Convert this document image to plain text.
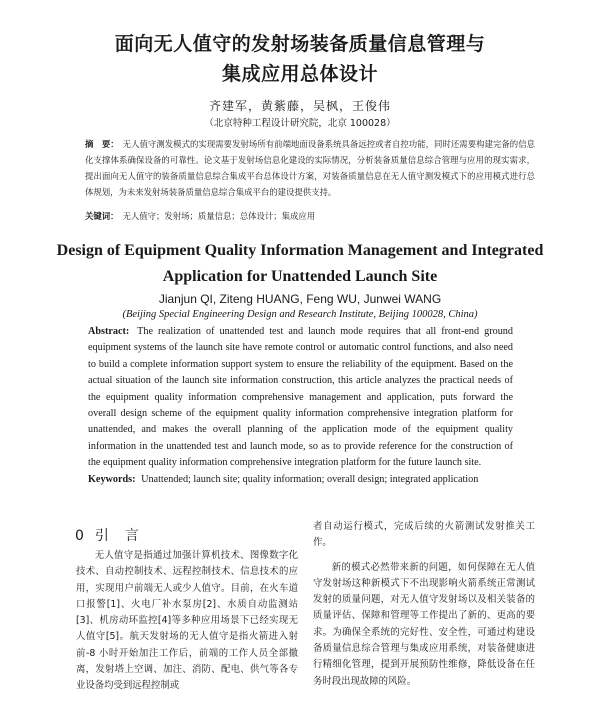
面向无人值守的发射场装备质量信息管理与
集成应用总体设计
齐建军，黄紫藤，吴枫，王俊伟
（北京特种工程设计研究院，北京 100028）
摘　要： 无人值守测发模式的实现需要发射场所有前端地面设备系统具备远控或者自控功能，同时还需要构建完备的信息化支撑体系确保设备的可靠性。论文基于发射场信息化建设的实际情况，分析装备质量信息综合管理与应用的现实需求，提出面向无人值守的装备质量信息综合集成平台总体设计方案，对装备质量信息在无人值守测发模式下的应用模式进行总体规划，为未来发射场装备质量信息综合集成平台的建设提供支持。
关键词： 无人值守；发射场；质量信息；总体设计；集成应用
Design of Equipment Quality Information Management and Integrated
Application for Unattended Launch Site
Jianjun QI, Ziteng HUANG, Feng WU, Junwei WANG
(Beijing Special Engineering Design and Research Institute, Beijing 100028, China)
Abstract: The realization of unattended test and launch mode requires that all front-end ground equipment systems of the launch site have remote control or automatic control functions, and also need to build a complete information support system to ensure the reliability of the equipment. Based on the actual situation of the launch site information construction, this article analyzes the practical needs of the equipment quality information comprehensive management and application, puts forward the overall design scheme of the equipment quality information comprehensive integration platform for unattended, and makes the overall planning of the application mode of the equipment quality information in the unattended test and launch mode, so as to provide reference for the construction of the equipment quality information comprehensive integration platform for the future launch site.
Keywords: Unattended; launch site; quality information; overall design; integrated application
0 引　言

无人值守是指通过加强计算机技术、图像数字化技术、自动控制技术、远程控制技术、信息技术的应用，实现用户前端无人或少人值守。目前，在火车道口报警[1]、火电厂补水泵房[2]、水质自动监测站[3]、机房动环监控[4]等多种应用场景下已经实现无人值守[5]。航天发射场的无人值守是指火箭进入射前-8 小时开始加注工作后，前端的工作人员全部撤离，发射塔上空调、加注、消防、配电、供气等各专业设备均受到远程控制或

者自动运行模式，完成后续的火箭测试发射推关工作。

新的模式必然带来新的问题，如何保障在无人值守发射场这种新模式下不出现影响火箭系统正常测试发射的质量问题，对无人值守发射场以及相关装备的质量评估、保障和管理等工作提出了新的、更高的要求。为确保全系统的完好性、安全性，可通过构建设备质量信息综合管理与集成应用系统，对装备健康进行精细化管理，提到开展预防性维修，降低设备在任务时段出现故障的风险。
